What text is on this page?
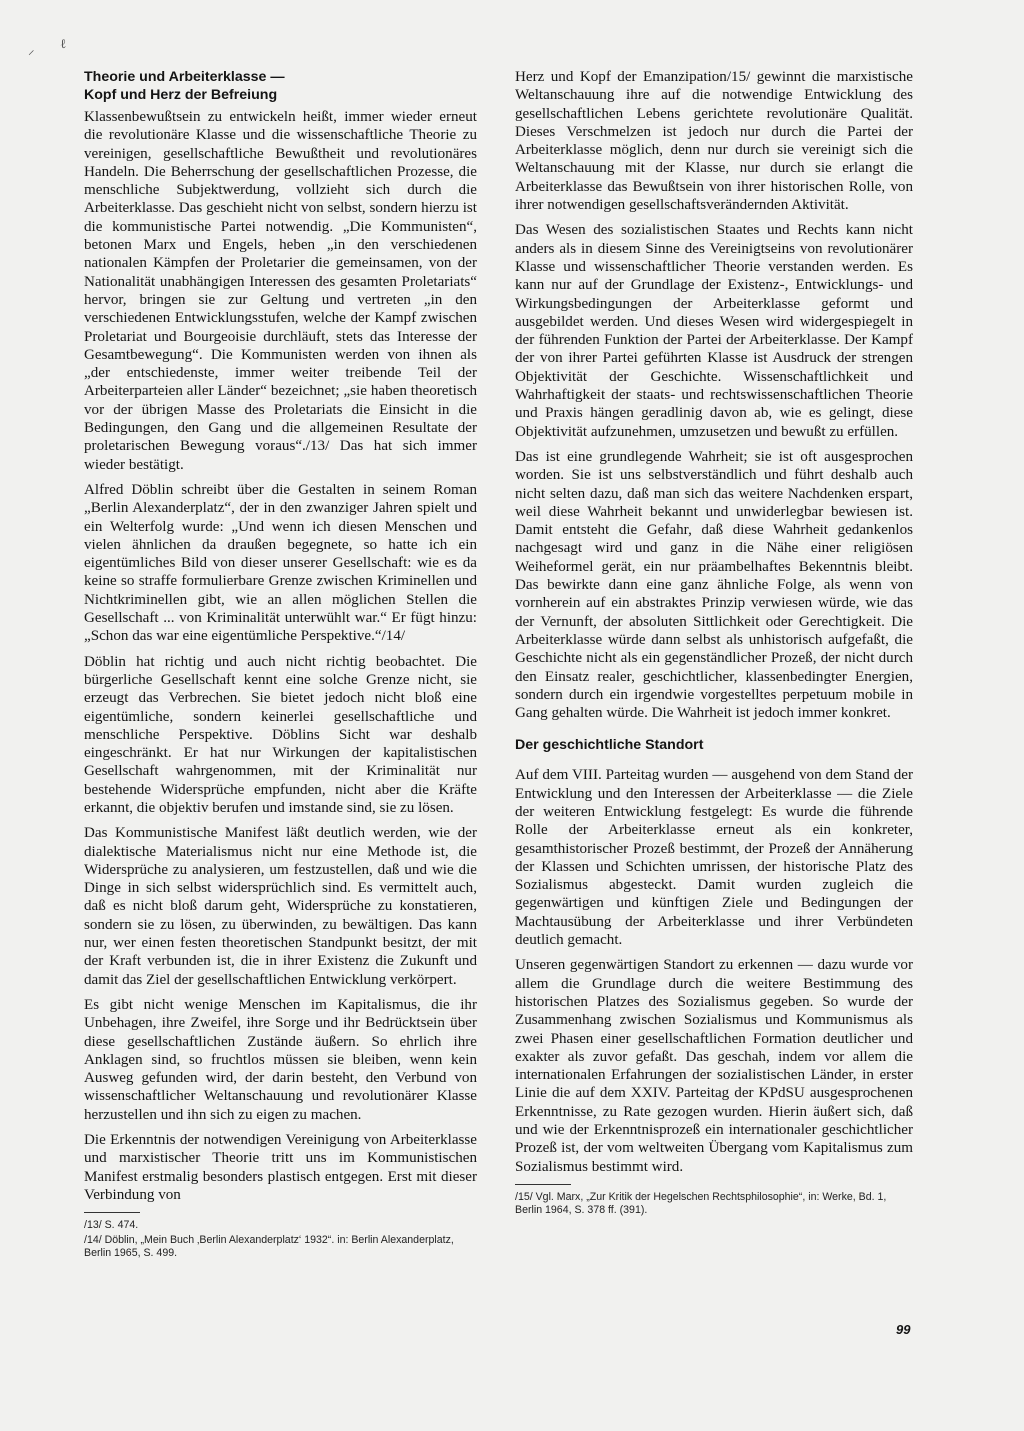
⸝ ℓ
Theorie und Arbeiterklasse —
Kopf und Herz der Befreiung

Klassenbewußtsein zu entwickeln heißt, immer wieder erneut die revolutionäre Klasse und die wissenschaftliche Theorie zu vereinigen, gesellschaftliche Bewußtheit und revolutionäres Handeln. Die Beherrschung der gesellschaftlichen Prozesse, die menschliche Subjektwerdung, vollzieht sich durch die Arbeiterklasse. Das geschieht nicht von selbst, sondern hierzu ist die kommunistische Partei notwendig. „Die Kommunisten“, betonen Marx und Engels, heben „in den verschiedenen nationalen Kämpfen der Proletarier die gemeinsamen, von der Nationalität unabhängigen Interessen des gesamten Proletariats“ hervor, bringen sie zur Geltung und vertreten „in den verschiedenen Entwicklungsstufen, welche der Kampf zwischen Proletariat und Bourgeoisie durchläuft, stets das Interesse der Gesamtbewegung“. Die Kommunisten werden von ihnen als „der entschiedenste, immer weiter treibende Teil der Arbeiterparteien aller Länder“ bezeichnet; „sie haben theoretisch vor der übrigen Masse des Proletariats die Einsicht in die Bedingungen, den Gang und die allgemeinen Resultate der proletarischen Bewegung voraus“./13/ Das hat sich immer wieder bestätigt.

Alfred Döblin schreibt über die Gestalten in seinem Roman „Berlin Alexanderplatz“, der in den zwanziger Jahren spielt und ein Welterfolg wurde: „Und wenn ich diesen Menschen und vielen ähnlichen da draußen begegnete, so hatte ich ein eigentümliches Bild von dieser unserer Gesellschaft: wie es da keine so straffe formulierbare Grenze zwischen Kriminellen und Nichtkriminellen gibt, wie an allen möglichen Stellen die Gesellschaft ... von Kriminalität unterwühlt war.“ Er fügt hinzu: „Schon das war eine eigentümliche Perspektive.“/14/

Döblin hat richtig und auch nicht richtig beobachtet. Die bürgerliche Gesellschaft kennt eine solche Grenze nicht, sie erzeugt das Verbrechen. Sie bietet jedoch nicht bloß eine eigentümliche, sondern keinerlei gesellschaftliche und menschliche Perspektive. Döblins Sicht war deshalb eingeschränkt. Er hat nur Wirkungen der kapitalistischen Gesellschaft wahrgenommen, mit der Kriminalität nur bestehende Widersprüche empfunden, nicht aber die Kräfte erkannt, die objektiv berufen und imstande sind, sie zu lösen.

Das Kommunistische Manifest läßt deutlich werden, wie der dialektische Materialismus nicht nur eine Methode ist, die Widersprüche zu analysieren, um festzustellen, daß und wie die Dinge in sich selbst widersprüchlich sind. Es vermittelt auch, daß es nicht bloß darum geht, Widersprüche zu konstatieren, sondern sie zu lösen, zu überwinden, zu bewältigen. Das kann nur, wer einen festen theoretischen Standpunkt besitzt, der mit der Kraft verbunden ist, die in ihrer Existenz die Zukunft und damit das Ziel der gesellschaftlichen Entwicklung verkörpert.

Es gibt nicht wenige Menschen im Kapitalismus, die ihr Unbehagen, ihre Zweifel, ihre Sorge und ihr Bedrücktsein über diese gesellschaftlichen Zustände äußern. So ehrlich ihre Anklagen sind, so fruchtlos müssen sie bleiben, wenn kein Ausweg gefunden wird, der darin besteht, den Verbund von wissenschaftlicher Weltanschauung und revolutionärer Klasse herzustellen und ihn sich zu eigen zu machen.

Die Erkenntnis der notwendigen Vereinigung von Arbeiterklasse und marxistischer Theorie tritt uns im Kommunistischen Manifest erstmalig besonders plastisch entgegen. Erst mit dieser Verbindung von

/13/ S. 474.

/14/ Döblin, „Mein Buch ‚Berlin Alexanderplatz‘ 1932“. in: Berlin Alexanderplatz, Berlin 1965, S. 499.

Herz und Kopf der Emanzipation/15/ gewinnt die marxistische Weltanschauung ihre auf die notwendige Entwicklung des gesellschaftlichen Lebens gerichtete revolutionäre Qualität. Dieses Verschmelzen ist jedoch nur durch die Partei der Arbeiterklasse möglich, denn nur durch sie vereinigt sich die Weltanschauung mit der Klasse, nur durch sie erlangt die Arbeiterklasse das Bewußtsein von ihrer historischen Rolle, von ihrer notwendigen gesellschaftsverändernden Aktivität.

Das Wesen des sozialistischen Staates und Rechts kann nicht anders als in diesem Sinne des Vereinigtseins von revolutionärer Klasse und wissenschaftlicher Theorie verstanden werden. Es kann nur auf der Grundlage der Existenz-, Entwicklungs- und Wirkungsbedingungen der Arbeiterklasse geformt und ausgebildet werden. Und dieses Wesen wird widergespiegelt in der führenden Funktion der Partei der Arbeiterklasse. Der Kampf der von ihrer Partei geführten Klasse ist Ausdruck der strengen Objektivität der Geschichte. Wissenschaftlichkeit und Wahrhaftigkeit der staats- und rechtswissenschaftlichen Theorie und Praxis hängen geradlinig davon ab, wie es gelingt, diese Objektivität aufzunehmen, umzusetzen und bewußt zu erfüllen.

Das ist eine grundlegende Wahrheit; sie ist oft ausgesprochen worden. Sie ist uns selbstverständlich und führt deshalb auch nicht selten dazu, daß man sich das weitere Nachdenken erspart, weil diese Wahrheit bekannt und unwiderlegbar bewiesen ist. Damit entsteht die Gefahr, daß diese Wahrheit gedankenlos nachgesagt wird und ganz in die Nähe einer religiösen Weiheformel gerät, ein nur präambelhaftes Bekenntnis bleibt. Das bewirkte dann eine ganz ähnliche Folge, als wenn von vornherein auf ein abstraktes Prinzip verwiesen würde, wie das der Vernunft, der absoluten Sittlichkeit oder Gerechtigkeit. Die Arbeiterklasse würde dann selbst als unhistorisch aufgefaßt, die Geschichte nicht als ein gegenständlicher Prozeß, der nicht durch den Einsatz realer, geschichtlicher, klassenbedingter Energien, sondern durch ein irgendwie vorgestelltes perpetuum mobile in Gang gehalten würde. Die Wahrheit ist jedoch immer konkret.

Der geschichtliche Standort

Auf dem VIII. Parteitag wurden — ausgehend von dem Stand der Entwicklung und den Interessen der Arbeiterklasse — die Ziele der weiteren Entwicklung festgelegt: Es wurde die führende Rolle der Arbeiterklasse erneut als ein konkreter, gesamthistorischer Prozeß bestimmt, der Prozeß der Annäherung der Klassen und Schichten umrissen, der historische Platz des Sozialismus abgesteckt. Damit wurden zugleich die gegenwärtigen und künftigen Ziele und Bedingungen der Machtausübung der Arbeiterklasse und ihrer Verbündeten deutlich gemacht.

Unseren gegenwärtigen Standort zu erkennen — dazu wurde vor allem die Grundlage durch die weitere Bestimmung des historischen Platzes des Sozialismus gegeben. So wurde der Zusammenhang zwischen Sozialismus und Kommunismus als zwei Phasen einer gesellschaftlichen Formation deutlicher und exakter als zuvor gefaßt. Das geschah, indem vor allem die internationalen Erfahrungen der sozialistischen Länder, in erster Linie die auf dem XXIV. Parteitag der KPdSU ausgesprochenen Erkenntnisse, zu Rate gezogen wurden. Hierin äußert sich, daß und wie der Erkenntnisprozeß ein internationaler geschichtlicher Prozeß ist, der vom weltweiten Übergang vom Kapitalismus zum Sozialismus bestimmt wird.

/15/ Vgl. Marx, „Zur Kritik der Hegelschen Rechtsphilosophie“, in: Werke, Bd. 1, Berlin 1964, S. 378 ff. (391).

99
